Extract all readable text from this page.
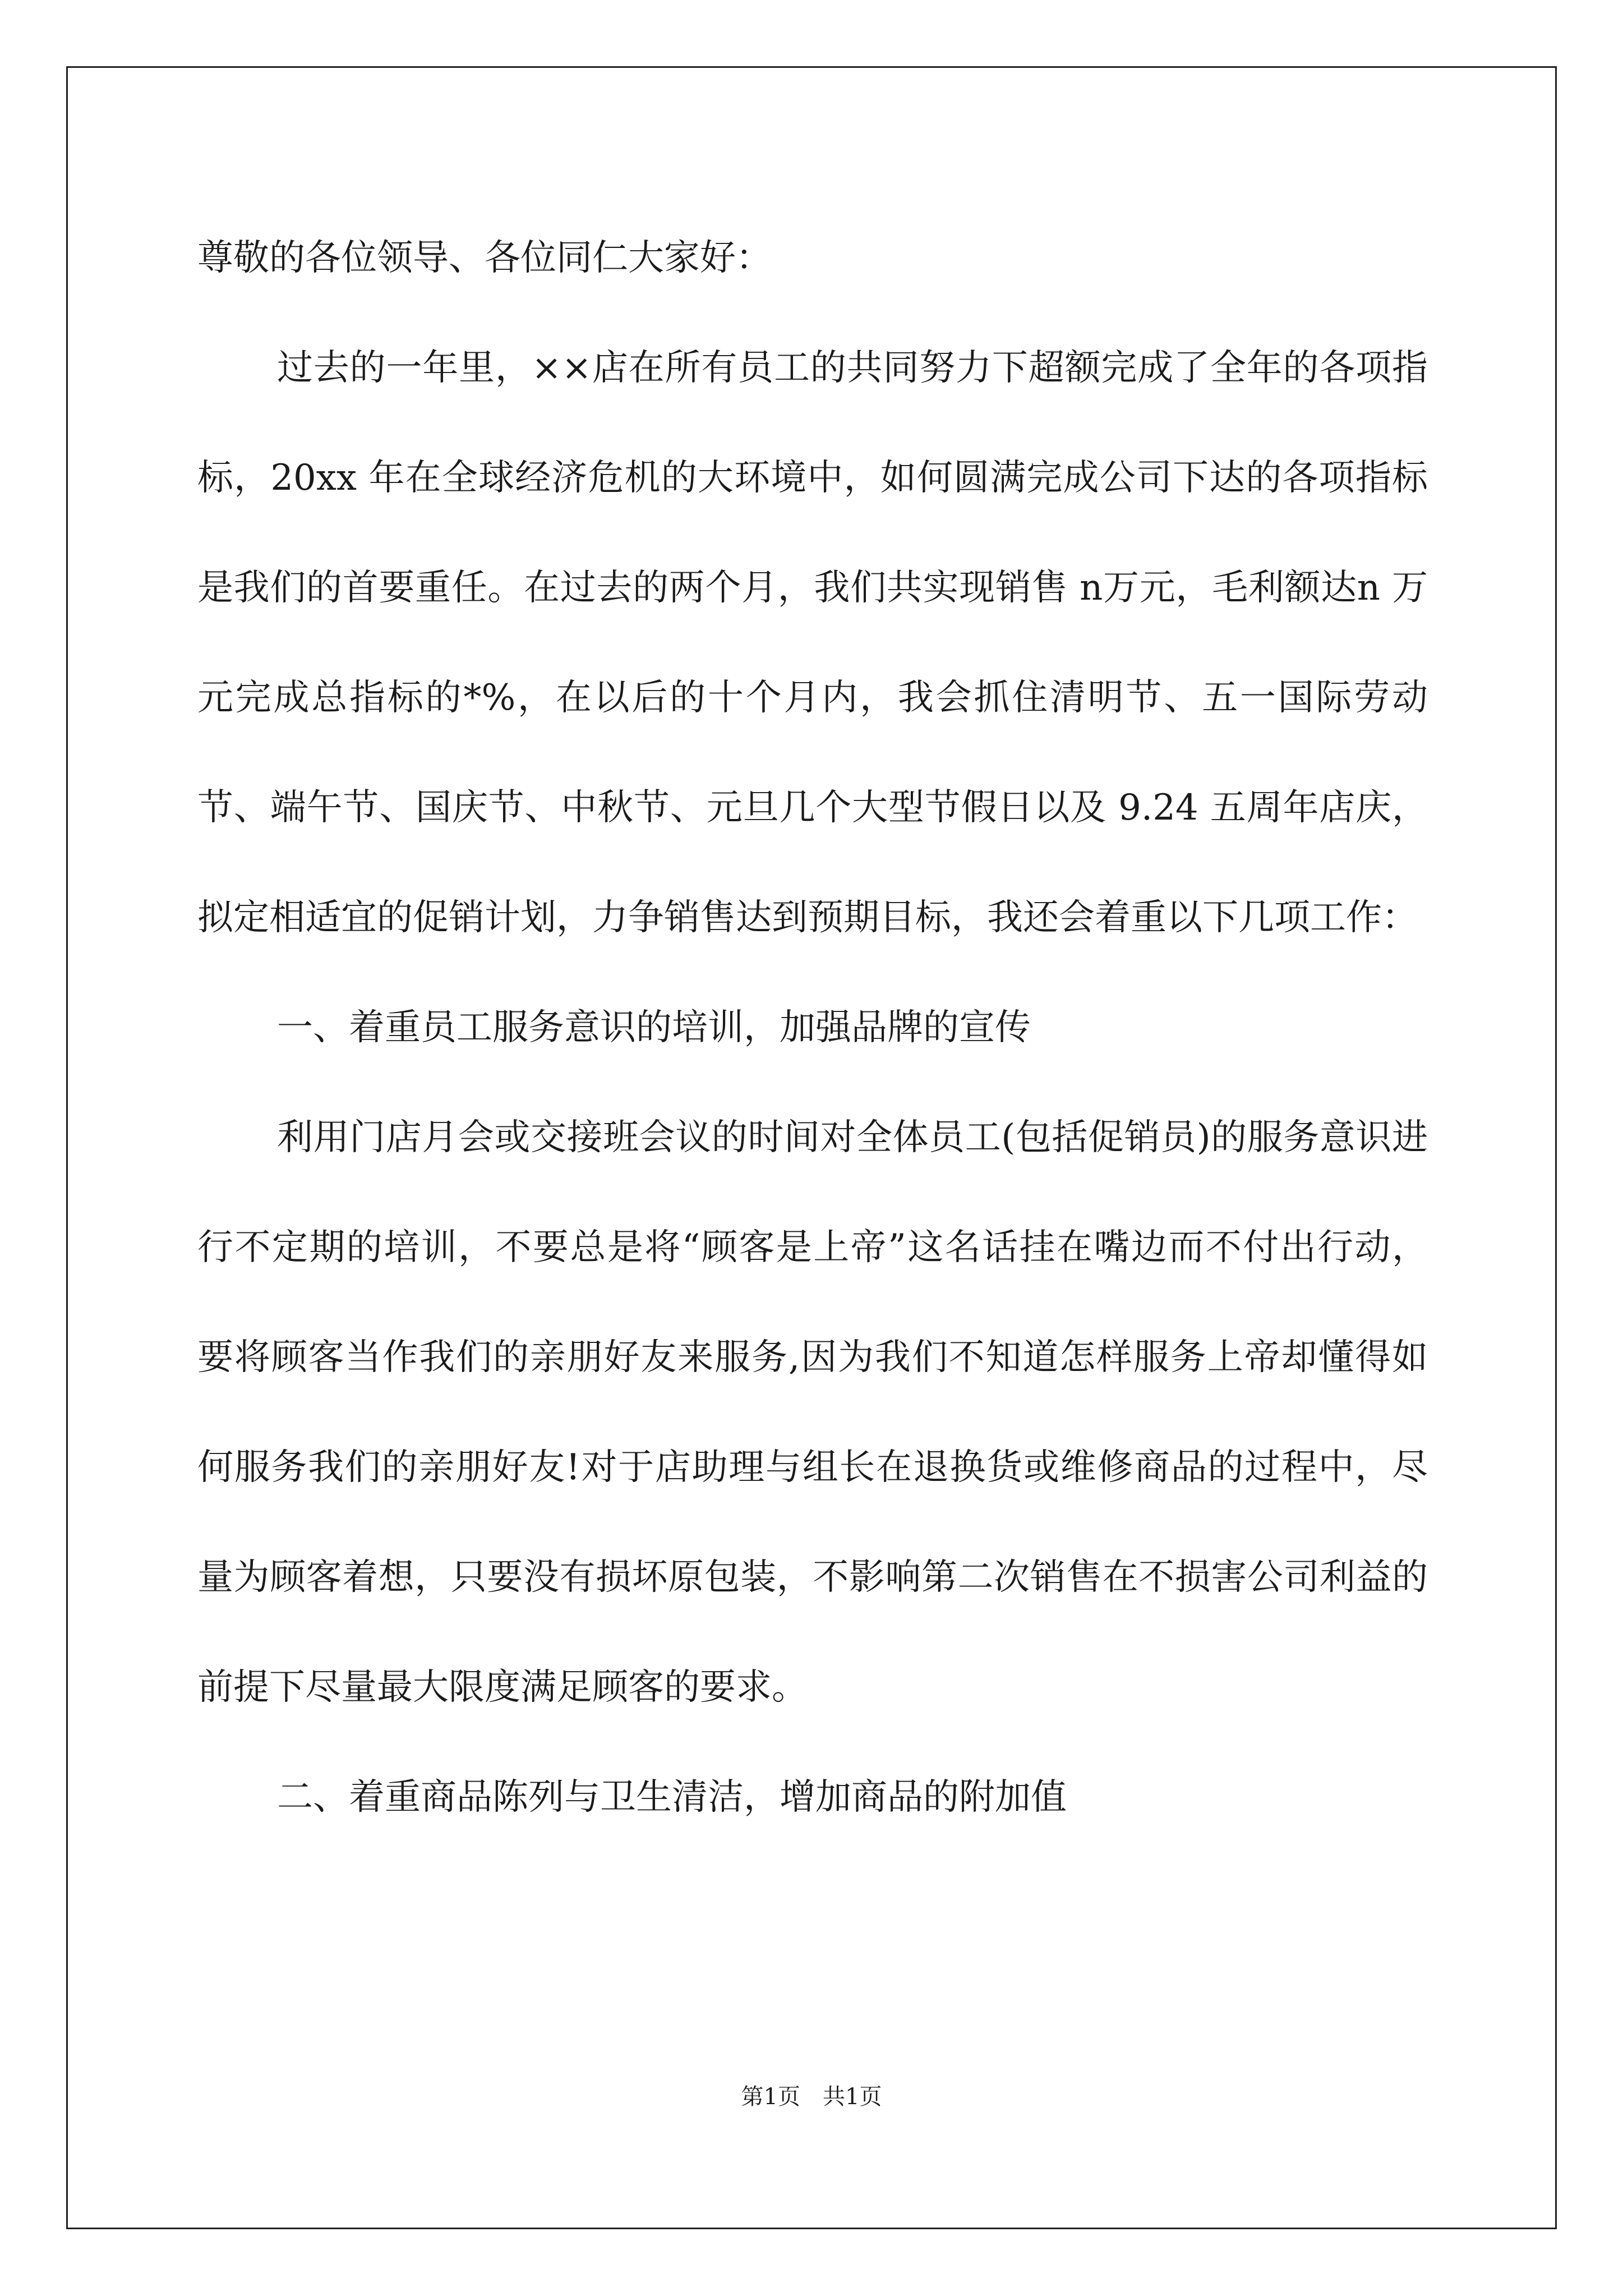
尊敬的各位领导、各位同仁大家好：

过去的一年里，××店在所有员工的共同努力下超额完成了全年的各项指标，20xx 年在全球经济危机的大环境中，如何圆满完成公司下达的各项指标是我们的首要重任。在过去的两个月，我们共实现销售 n万元，毛利额达n 万元完成总指标的*%，在以后的十个月内，我会抓住清明节、五一国际劳动节、端午节、国庆节、中秋节、元旦几个大型节假日以及 9.24 五周年店庆，拟定相适宜的促销计划，力争销售达到预期目标，我还会着重以下几项工作：

一、着重员工服务意识的培训，加强品牌的宣传

利用门店月会或交接班会议的时间对全体员工(包括促销员)的服务意识进行不定期的培训，不要总是将“顾客是上帝”这名话挂在嘴边而不付出行动， 要将顾客当作我们的亲朋好友来服务,因为我们不知道怎样服务上帝却懂得如何服务我们的亲朋好友!对于店助理与组长在退换货或维修商品的过程中，尽量为顾客着想，只要没有损坏原包装，不影响第二次销售在不损害公司利益的前提下尽量最大限度满足顾客的要求。

二、着重商品陈列与卫生清洁，增加商品的附加值

第1页 共1页
